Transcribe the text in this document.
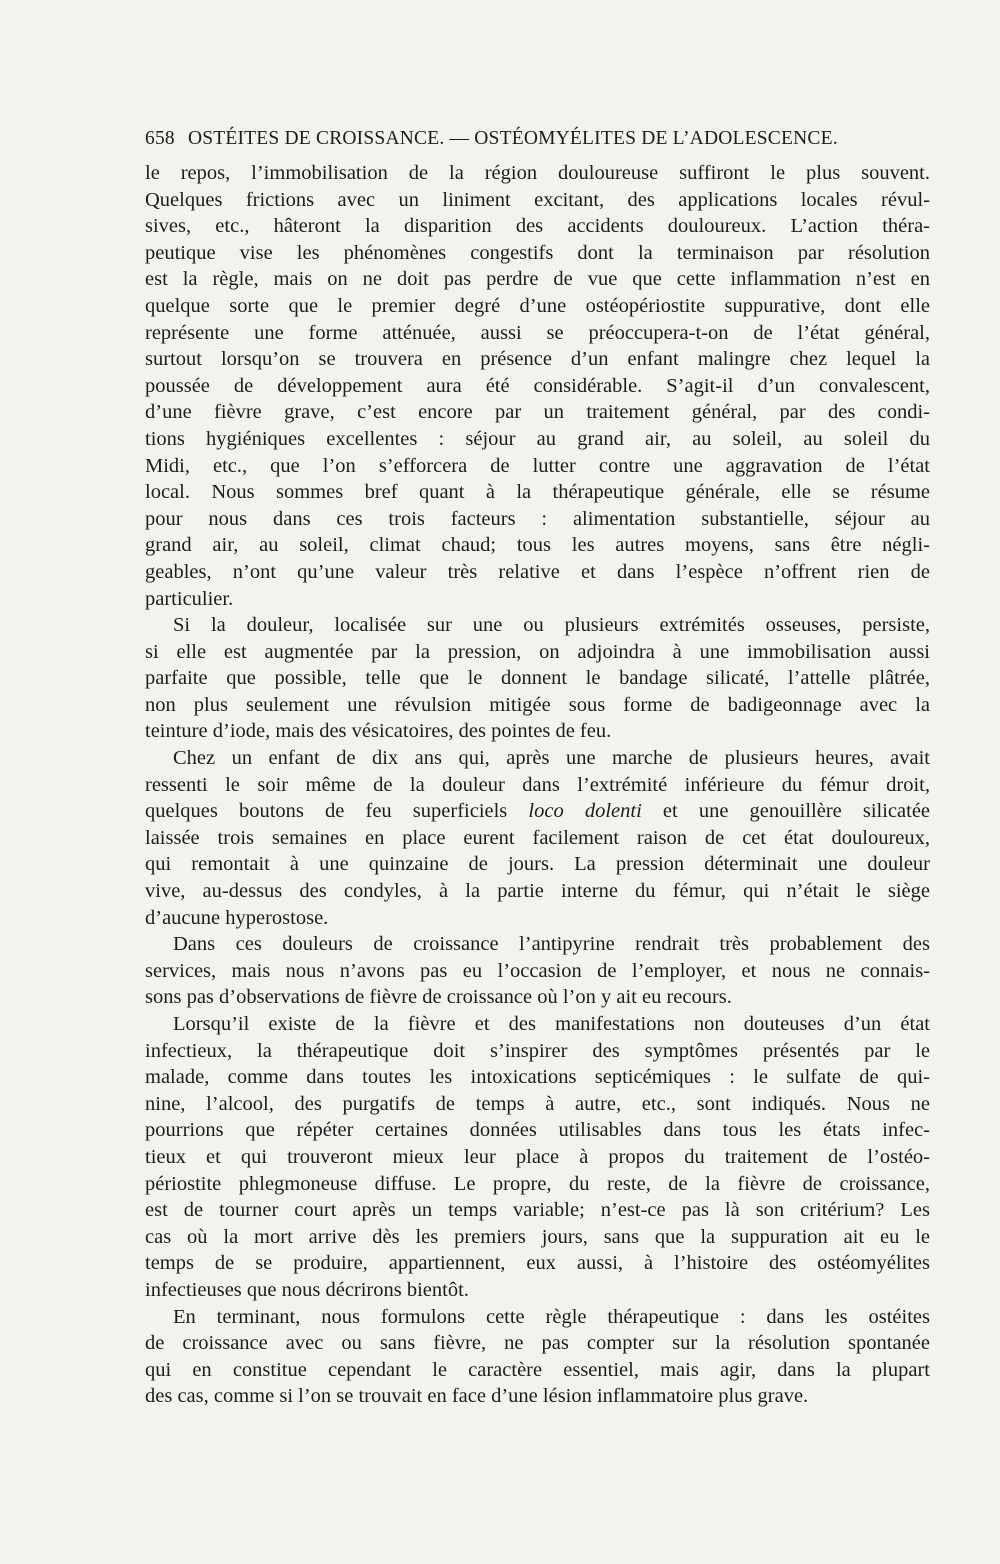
658 OSTÉITES DE CROISSANCE. — OSTÉOMYÉLITES DE L’ADOLESCENCE.
le repos, l’immobilisation de la région douloureuse suffiront le plus souvent.
Quelques frictions avec un liniment excitant, des applications locales révul-
sives, etc., hâteront la disparition des accidents douloureux. L’action théra-
peutique vise les phénomènes congestifs dont la terminaison par résolution
est la règle, mais on ne doit pas perdre de vue que cette inflammation n’est en
quelque sorte que le premier degré d’une ostéopériostite suppurative, dont elle
représente une forme atténuée, aussi se préoccupera-t-on de l’état général,
surtout lorsqu’on se trouvera en présence d’un enfant malingre chez lequel la
poussée de développement aura été considérable. S’agit-il d’un convalescent,
d’une fièvre grave, c’est encore par un traitement général, par des condi-
tions hygiéniques excellentes : séjour au grand air, au soleil, au soleil du
Midi, etc., que l’on s’efforcera de lutter contre une aggravation de l’état
local. Nous sommes bref quant à la thérapeutique générale, elle se résume
pour nous dans ces trois facteurs : alimentation substantielle, séjour au
grand air, au soleil, climat chaud; tous les autres moyens, sans être négli-
geables, n’ont qu’une valeur très relative et dans l’espèce n’offrent rien de
particulier.
Si la douleur, localisée sur une ou plusieurs extrémités osseuses, persiste,
si elle est augmentée par la pression, on adjoindra à une immobilisation aussi
parfaite que possible, telle que le donnent le bandage silicaté, l’attelle plâtrée,
non plus seulement une révulsion mitigée sous forme de badigeonnage avec la
teinture d’iode, mais des vésicatoires, des pointes de feu.
Chez un enfant de dix ans qui, après une marche de plusieurs heures, avait
ressenti le soir même de la douleur dans l’extrémité inférieure du fémur droit,
quelques boutons de feu superficiels loco dolenti et une genouillère silicatée
laissée trois semaines en place eurent facilement raison de cet état douloureux,
qui remontait à une quinzaine de jours. La pression déterminait une douleur
vive, au-dessus des condyles, à la partie interne du fémur, qui n’était le siège
d’aucune hyperostose.
Dans ces douleurs de croissance l’antipyrine rendrait très probablement des
services, mais nous n’avons pas eu l’occasion de l’employer, et nous ne connais-
sons pas d’observations de fièvre de croissance où l’on y ait eu recours.
Lorsqu’il existe de la fièvre et des manifestations non douteuses d’un état
infectieux, la thérapeutique doit s’inspirer des symptômes présentés par le
malade, comme dans toutes les intoxications septicémiques : le sulfate de qui-
nine, l’alcool, des purgatifs de temps à autre, etc., sont indiqués. Nous ne
pourrions que répéter certaines données utilisables dans tous les états infec-
tieux et qui trouveront mieux leur place à propos du traitement de l’ostéo-
périostite phlegmoneuse diffuse. Le propre, du reste, de la fièvre de croissance,
est de tourner court après un temps variable; n’est-ce pas là son critérium? Les
cas où la mort arrive dès les premiers jours, sans que la suppuration ait eu le
temps de se produire, appartiennent, eux aussi, à l’histoire des ostéomyélites
infectieuses que nous décrirons bientôt.
En terminant, nous formulons cette règle thérapeutique : dans les ostéites
de croissance avec ou sans fièvre, ne pas compter sur la résolution spontanée
qui en constitue cependant le caractère essentiel, mais agir, dans la plupart
des cas, comme si l’on se trouvait en face d’une lésion inflammatoire plus grave.
